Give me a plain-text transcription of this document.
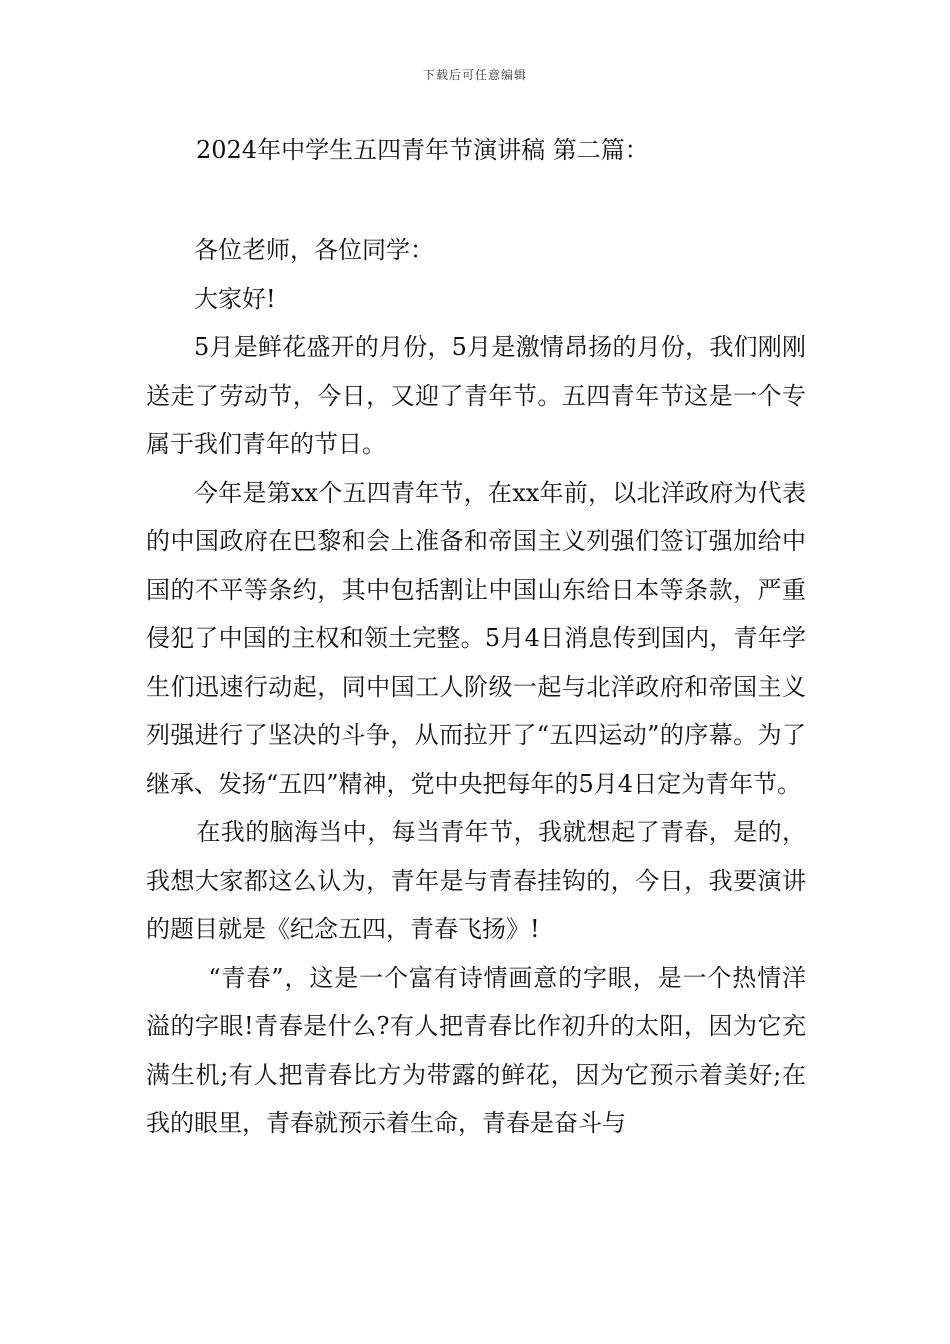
下载后可任意编辑
2024年中学生五四青年节演讲稿 第二篇：

各位老师，各位同学：

大家好!

5月是鲜花盛开的月份，5月是激情昂扬的月份，我们刚刚送走了劳动节，今日，又迎了青年节。五四青年节这是一个专属于我们青年的节日。

今年是第xx个五四青年节，在xx年前，以北洋政府为代表的中国政府在巴黎和会上准备和帝国主义列强们签订强加给中国的不平等条约，其中包括割让中国山东给日本等条款，严重侵犯了中国的主权和领土完整。5月4日消息传到国内，青年学生们迅速行动起，同中国工人阶级一起与北洋政府和帝国主义列强进行了坚决的斗争，从而拉开了“五四运动”的序幕。为了继承、发扬“五四”精神，党中央把每年的5月4日定为青年节。

在我的脑海当中，每当青年节，我就想起了青春，是的，我想大家都这么认为，青年是与青春挂钩的，今日，我要演讲的题目就是《纪念五四，青春飞扬》!

“青春”，这是一个富有诗情画意的字眼，是一个热情洋溢的字眼!青春是什么?有人把青春比作初升的太阳，因为它充满生机;有人把青春比方为带露的鲜花，因为它预示着美好;在我的眼里，青春就预示着生命，青春是奋斗与
